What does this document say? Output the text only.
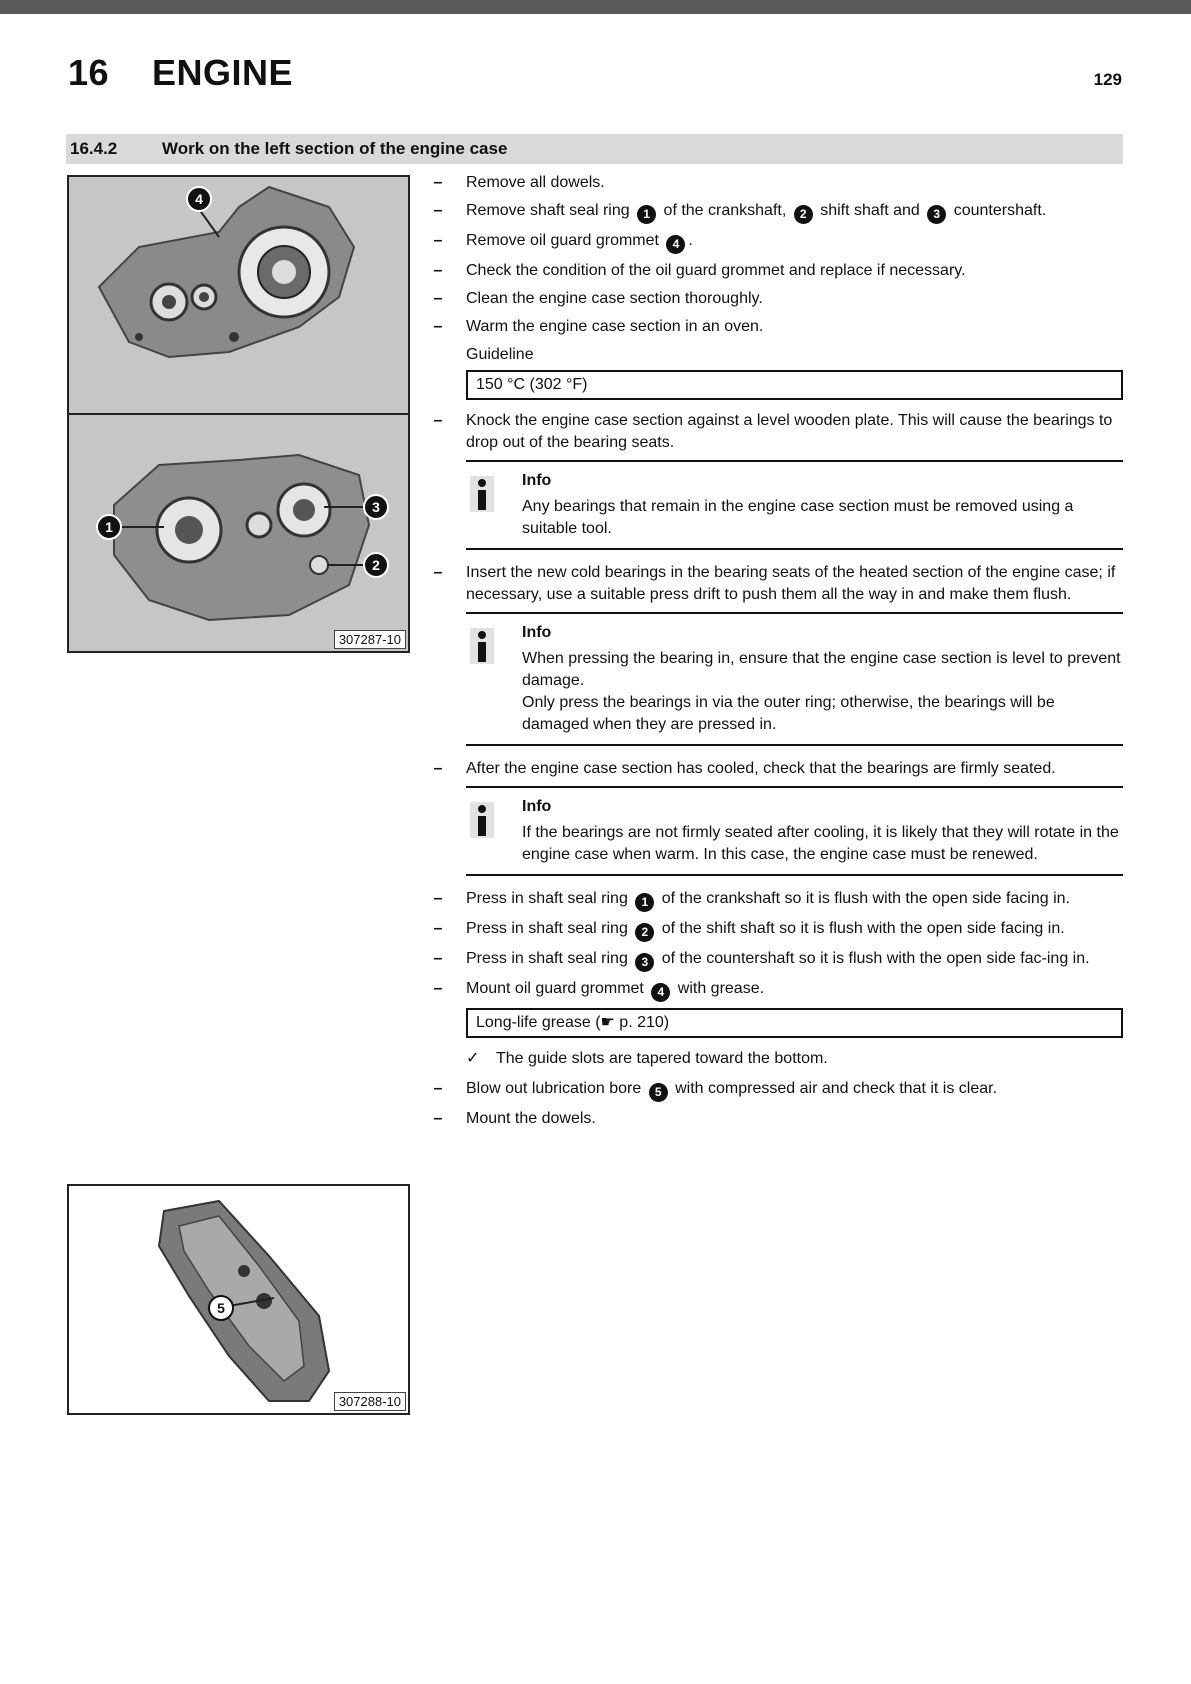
16 ENGINE	129
16.4.2	Work on the left section of the engine case
4
1
3
2
307287-10
5
307288-10
– Remove all dowels.
– Remove shaft seal ring 1 of the crankshaft, 2 shift shaft and 3 countershaft.
– Remove oil guard grommet 4 .
– Check the condition of the oil guard grommet and replace if necessary.
– Clean the engine case section thoroughly.
– Warm the engine case section in an oven.
Guideline
150 °C (302 °F)
– Knock the engine case section against a level wooden plate. This will cause the bearings to drop out of the bearing seats.
Info
Any bearings that remain in the engine case section must be removed using a suitable tool.
– Insert the new cold bearings in the bearing seats of the heated section of the engine case; if necessary, use a suitable press drift to push them all the way in and make them flush.
Info
When pressing the bearing in, ensure that the engine case section is level to prevent damage.
Only press the bearings in via the outer ring; otherwise, the bearings will be damaged when they are pressed in.
– After the engine case section has cooled, check that the bearings are firmly seated.
Info
If the bearings are not firmly seated after cooling, it is likely that they will rotate in the engine case when warm. In this case, the engine case must be renewed.
– Press in shaft seal ring 1 of the crankshaft so it is flush with the open side facing in.
– Press in shaft seal ring 2 of the shift shaft so it is flush with the open side facing in.
– Press in shaft seal ring 3 of the countershaft so it is flush with the open side fac-ing in.
– Mount oil guard grommet 4 with grease.
Long-life grease (☛ p. 210)
✓ The guide slots are tapered toward the bottom.
– Blow out lubrication bore 5 with compressed air and check that it is clear.
– Mount the dowels.
